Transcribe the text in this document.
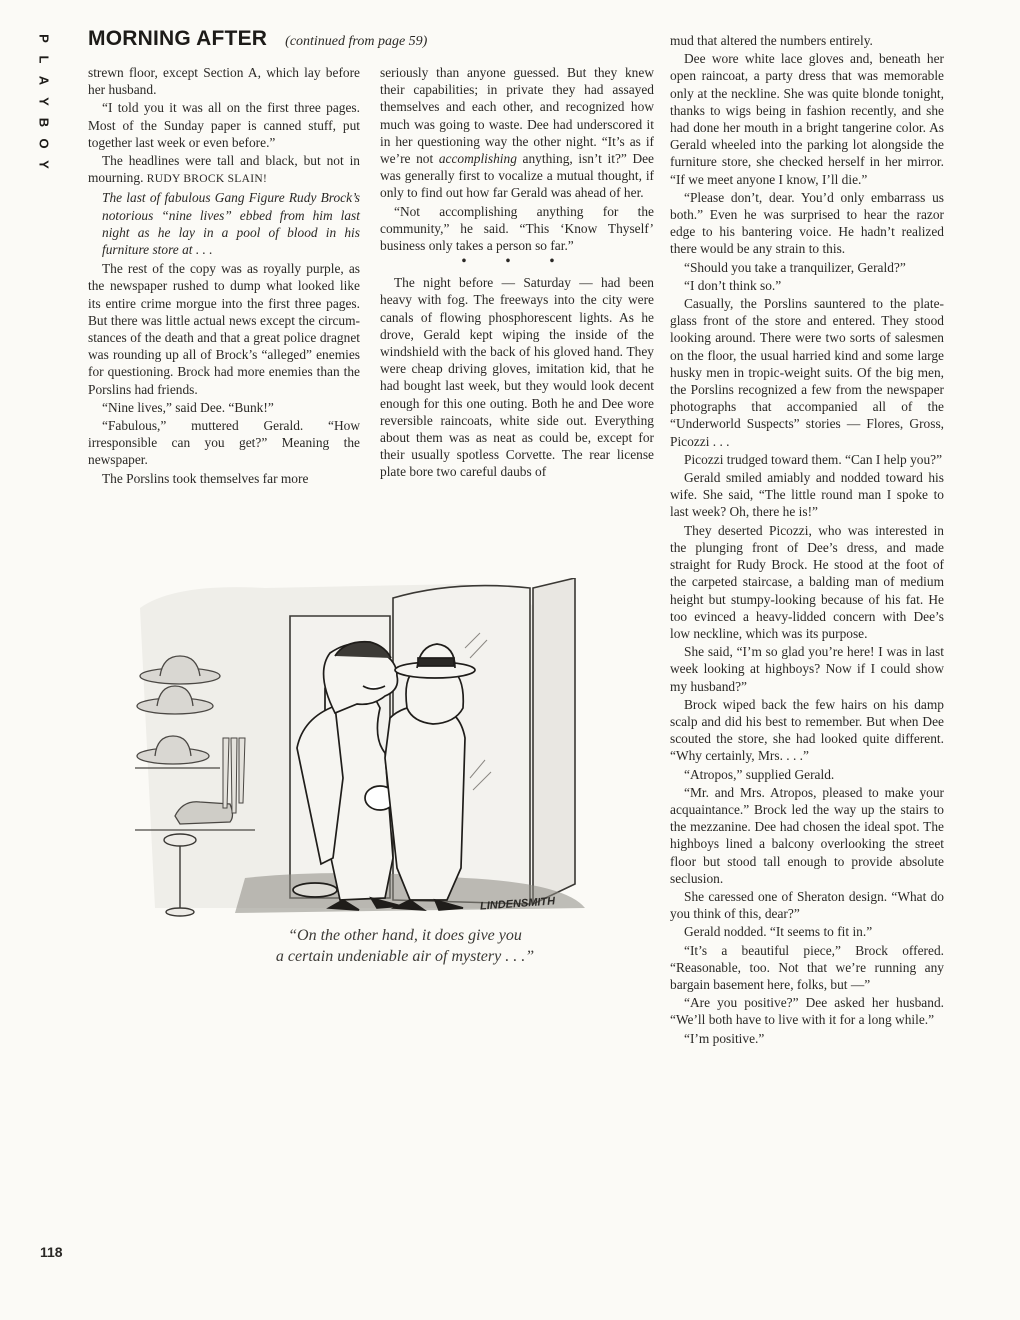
P
L
A
Y
B
O
Y
MORNING AFTER (continued from page 59)

strewn floor, except Section A, which lay before her husband.

“I told you it was all on the first three pages. Most of the Sunday paper is canned stuff, put together last week or even before.”

The headlines were tall and black, but not in mourning. RUDY BROCK SLAIN!

The last of fabulous Gang Figure Rudy Brock’s notorious “nine lives” ebbed from him last night as he lay in a pool of blood in his furniture store at . . .

The rest of the copy was as royally purple, as the newspaper rushed to dump what looked like its entire crime morgue into the first three pages. But there was little actual news except the circumstances of the death and that a great police dragnet was rounding up all of Brock’s “alleged” enemies for questioning. Brock had more enemies than the Porslins had friends.

“Nine lives,” said Dee. “Bunk!”

“Fabulous,” muttered Gerald. “How irresponsible can you get?” Meaning the newspaper.

The Porslins took themselves far more

seriously than anyone guessed. But they knew their capabilities; in private they had assayed themselves and each other, and recognized how much was going to waste. Dee had underscored it in her questioning way the other night. “It’s as if we’re not accomplishing anything, isn’t it?” Dee was generally first to vocalize a mutual thought, if only to find out how far Gerald was ahead of her.

“Not accomplishing anything for the community,” he said. “This ‘Know Thyself’ business only takes a person so far.”

• • •

The night before — Saturday — had been heavy with fog. The freeways into the city were canals of flowing phosphorescent lights. As he drove, Gerald kept wiping the inside of the windshield with the back of his gloved hand. They were cheap driving gloves, imitation kid, that he had bought last week, but they would look decent enough for this one outing. Both he and Dee wore reversible raincoats, white side out. Everything about them was as neat as could be, except for their usually spotless Corvette. The rear license plate bore two careful daubs of

mud that altered the numbers entirely.

Dee wore white lace gloves and, beneath her open raincoat, a party dress that was memorable only at the neckline. She was quite blonde tonight, thanks to wigs being in fashion recently, and she had done her mouth in a bright tangerine color. As Gerald wheeled into the parking lot alongside the furniture store, she checked herself in her mirror. “If we meet anyone I know, I’ll die.”

“Please don’t, dear. You’d only embarrass us both.” Even he was surprised to hear the razor edge to his bantering voice. He hadn’t realized there would be any strain to this.

“Should you take a tranquilizer, Gerald?”

“I don’t think so.”

Casually, the Porslins sauntered to the plate-glass front of the store and entered. They stood looking around. There were two sorts of salesmen on the floor, the usual harried kind and some large husky men in tropic-weight suits. Of the big men, the Porslins recognized a few from the newspaper photographs that accompanied all of the “Underworld Suspects” stories — Flores, Gross, Picozzi . . .

Picozzi trudged toward them. “Can I help you?”

Gerald smiled amiably and nodded toward his wife. She said, “The little round man I spoke to last week? Oh, there he is!”

They deserted Picozzi, who was interested in the plunging front of Dee’s dress, and made straight for Rudy Brock. He stood at the foot of the carpeted staircase, a balding man of medium height but stumpy-looking because of his fat. He too evinced a heavy-lidded concern with Dee’s low neckline, which was its purpose.

She said, “I’m so glad you’re here! I was in last week looking at highboys? Now if I could show my husband?”

Brock wiped back the few hairs on his damp scalp and did his best to remember. But when Dee scouted the store, she had looked quite different. “Why certainly, Mrs. . . .”

“Atropos,” supplied Gerald.

“Mr. and Mrs. Atropos, pleased to make your acquaintance.” Brock led the way up the stairs to the mezzanine. Dee had chosen the ideal spot. The highboys lined a balcony overlooking the street floor but stood tall enough to provide absolute seclusion.

She caressed one of Sheraton design. “What do you think of this, dear?”

Gerald nodded. “It seems to fit in.”

“It’s a beautiful piece,” Brock offered. “Reasonable, too. Not that we’re running any bargain basement here, folks, but —”

“Are you positive?” Dee asked her husband. “We’ll both have to live with it for a long while.”

“I’m positive.”

LINDENSMITH
“On the other hand, it does give you
a certain undeniable air of mystery . . .”
118
